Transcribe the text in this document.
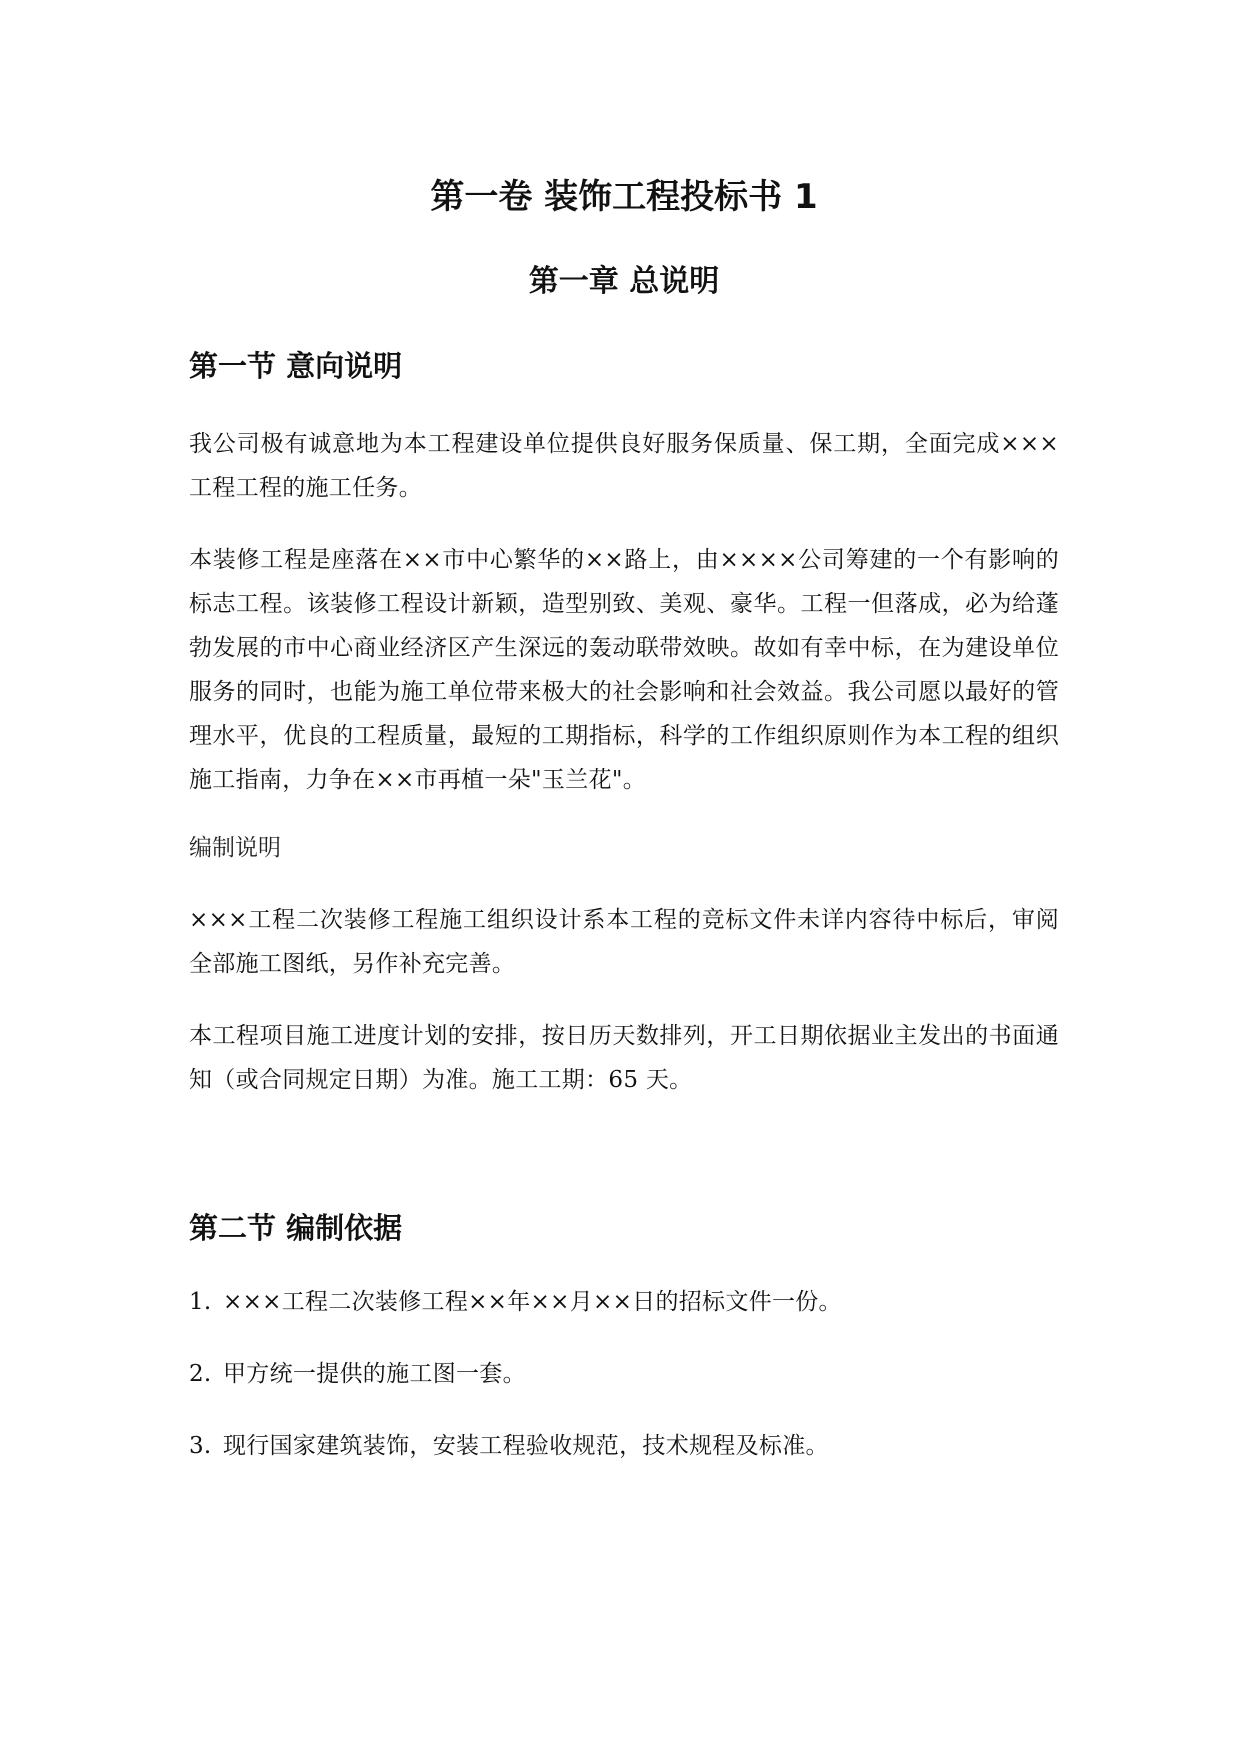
第一卷 装饰工程投标书 1
第一章 总说明
第一节 意向说明

我公司极有诚意地为本工程建设单位提供良好服务保质量、保工期，全面完成×××工程工程的施工任务。

本装修工程是座落在××市中心繁华的××路上，由××××公司筹建的一个有影响的标志工程。该装修工程设计新颖，造型别致、美观、豪华。工程一但落成，必为给蓬勃发展的市中心商业经济区产生深远的轰动联带效映。故如有幸中标，在为建设单位服务的同时，也能为施工单位带来极大的社会影响和社会效益。我公司愿以最好的管理水平，优良的工程质量，最短的工期指标，科学的工作组织原则作为本工程的组织施工指南，力争在××市再植一朵"玉兰花"。

编制说明

×××工程二次装修工程施工组织设计系本工程的竞标文件未详内容待中标后，审阅全部施工图纸，另作补充完善。

本工程项目施工进度计划的安排，按日历天数排列，开工日期依据业主发出的书面通知（或合同规定日期）为准。施工工期：65 天。

第二节 编制依据
1. ×××工程二次装修工程××年××月××日的招标文件一份。
2. 甲方统一提供的施工图一套。
3. 现行国家建筑装饰，安装工程验收规范，技术规程及标准。
